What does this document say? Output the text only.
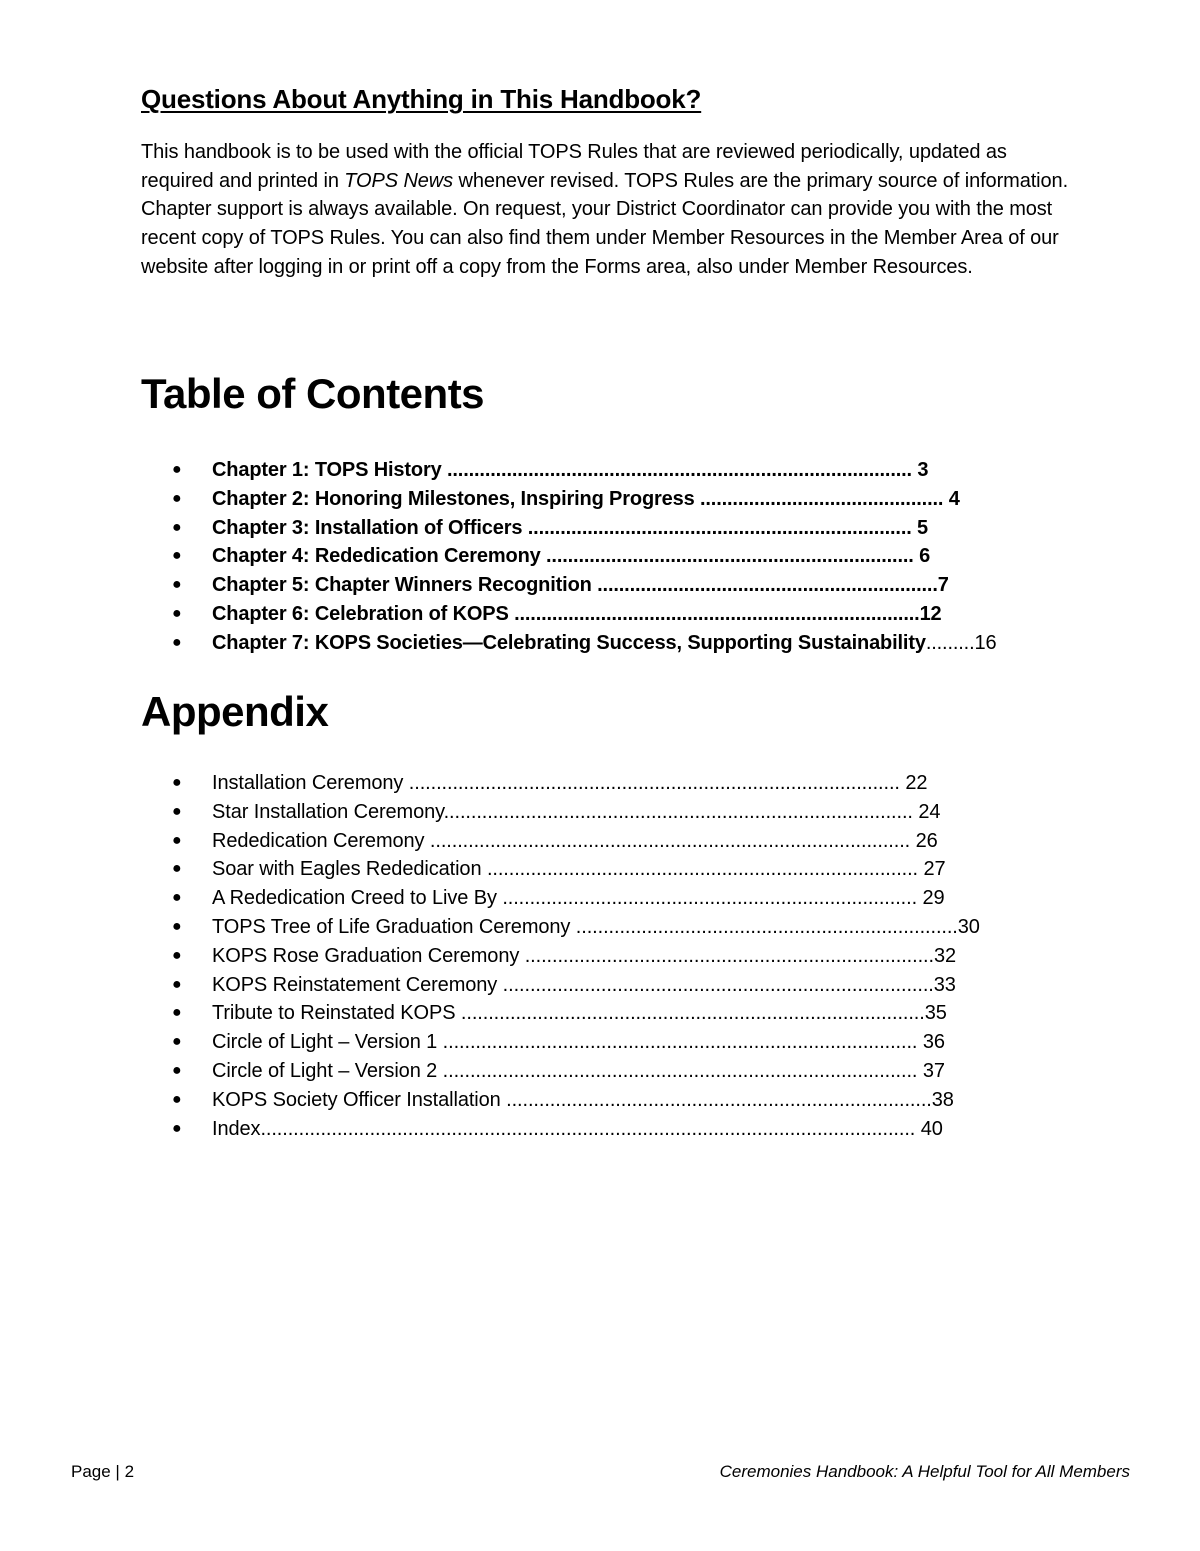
Questions About Anything in This Handbook?

This handbook is to be used with the official TOPS Rules that are reviewed periodically, updated as required and printed in TOPS News whenever revised. TOPS Rules are the primary source of information. Chapter support is always available. On request, your District Coordinator can provide you with the most recent copy of TOPS Rules. You can also find them under Member Resources in the Member Area of our website after logging in or print off a copy from the Forms area, also under Member Resources.

Table of Contents
● Chapter 1: TOPS History ...................................................................................... 3
● Chapter 2: Honoring Milestones, Inspiring Progress ............................................. 4
● Chapter 3: Installation of Officers ....................................................................... 5
● Chapter 4: Rededication Ceremony .................................................................... 6
● Chapter 5: Chapter Winners Recognition ...............................................................7
● Chapter 6: Celebration of KOPS ...........................................................................12
● Chapter 7: KOPS Societies—Celebrating Success, Supporting Sustainability.........16
Appendix
● Installation Ceremony .......................................................................................... 22
● Star Installation Ceremony...................................................................................... 24
● Rededication Ceremony ........................................................................................ 26
● Soar with Eagles Rededication ............................................................................... 27
● A Rededication Creed to Live By ............................................................................ 29
● TOPS Tree of Life Graduation Ceremony ......................................................................30
● KOPS Rose Graduation Ceremony ...........................................................................32
● KOPS Reinstatement Ceremony ...............................................................................33
● Tribute to Reinstated KOPS .....................................................................................35
● Circle of Light – Version 1 ....................................................................................... 36
● Circle of Light – Version 2 ....................................................................................... 37
● KOPS Society Officer Installation ..............................................................................38
● Index........................................................................................................................ 40
Page | 2	Ceremonies Handbook: A Helpful Tool for All Members
